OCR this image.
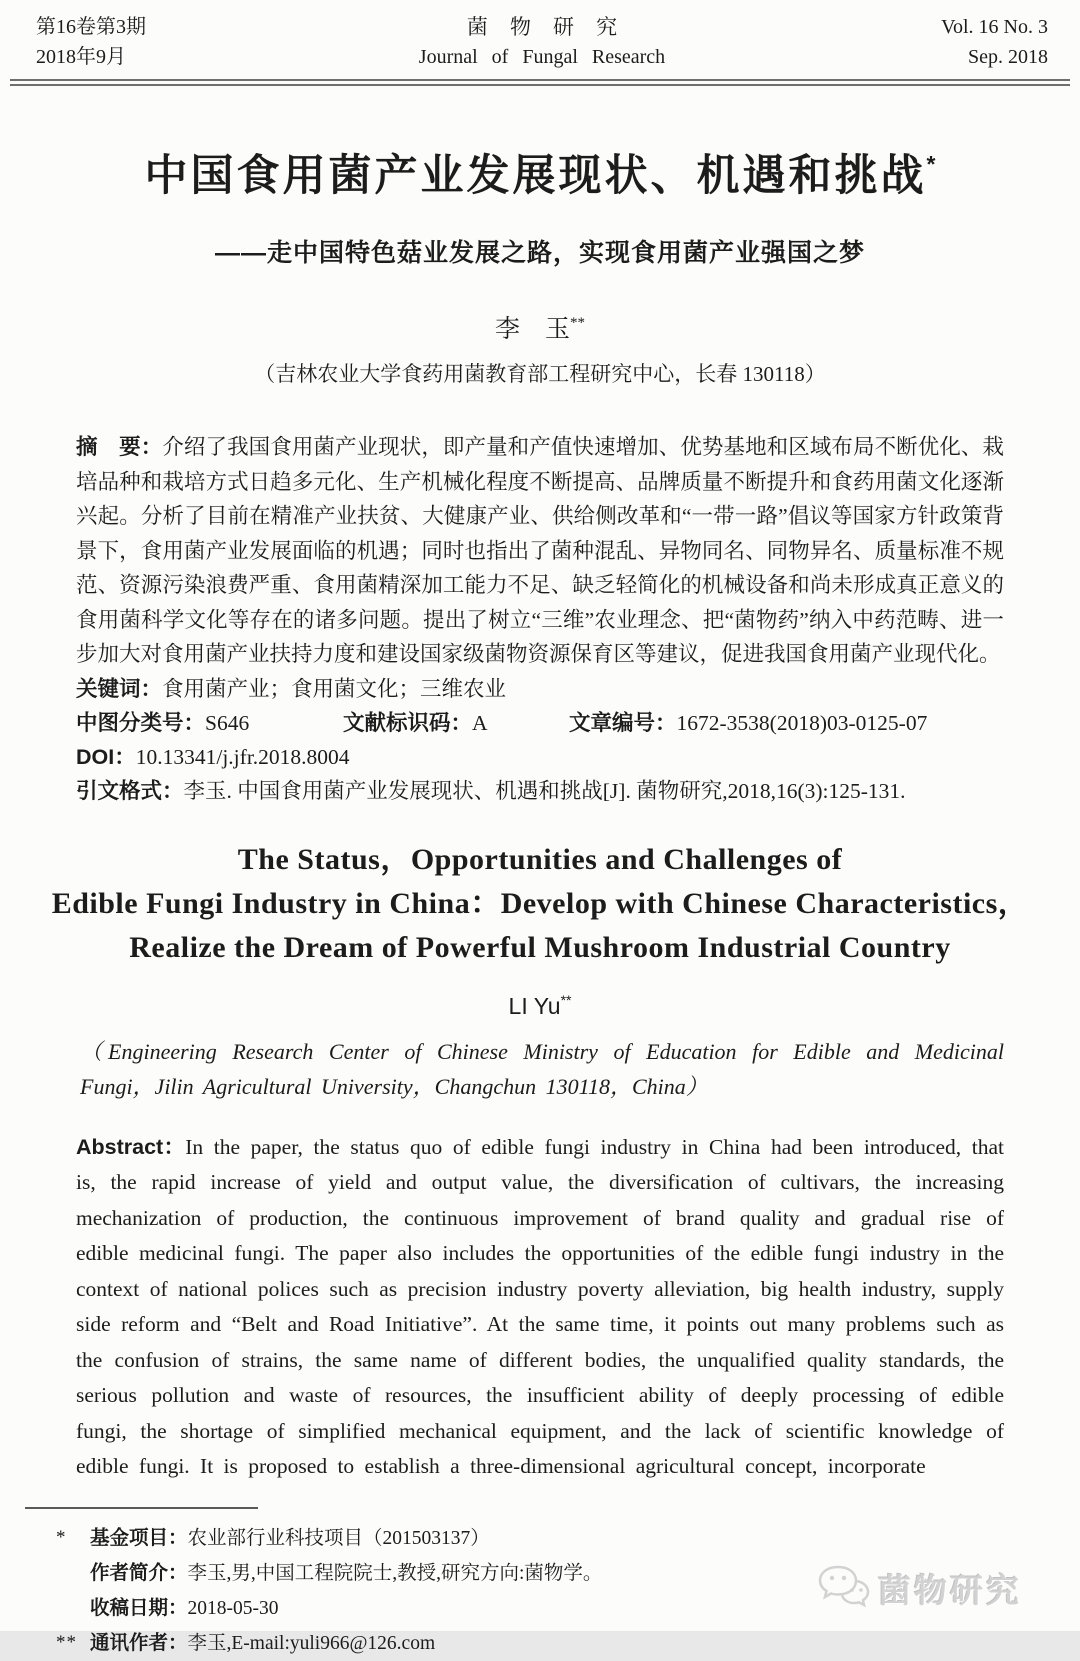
第16卷第3期
2018年9月
菌物研究
Journal of Fungal Research
Vol. 16 No. 3
Sep. 2018
中国食用菌产业发展现状、机遇和挑战*
——走中国特色菇业发展之路，实现食用菌产业强国之梦
李　玉**
（吉林农业大学食药用菌教育部工程研究中心，长春 130118）

摘　要：介绍了我国食用菌产业现状，即产量和产值快速增加、优势基地和区域布局不断优化、栽培品种和栽培方式日趋多元化、生产机械化程度不断提高、品牌质量不断提升和食药用菌文化逐渐兴起。分析了目前在精准产业扶贫、大健康产业、供给侧改革和“一带一路”倡议等国家方针政策背景下，食用菌产业发展面临的机遇；同时也指出了菌种混乱、异物同名、同物异名、质量标准不规范、资源污染浪费严重、食用菌精深加工能力不足、缺乏轻简化的机械设备和尚未形成真正意义的食用菌科学文化等存在的诸多问题。提出了树立“三维”农业理念、把“菌物药”纳入中药范畴、进一步加大对食用菌产业扶持力度和建设国家级菌物资源保育区等建议，促进我国食用菌产业现代化。

关键词：食用菌产业；食用菌文化；三维农业
中图分类号：S646	文献标识码：A	文章编号：1672-3538(2018)03-0125-07
DOI：10.13341/j.jfr.2018.8004
引文格式：李玉. 中国食用菌产业发展现状、机遇和挑战[J]. 菌物研究,2018,16(3):125-131.
The Status，Opportunities and Challenges of
Edible Fungi Industry in China：Develop with Chinese Characteristics，
Realize the Dream of Powerful Mushroom Industrial Country
LI Yu**
（Engineering Research Center of Chinese Ministry of Education for Edible and Medicinal Fungi，Jilin Agricultural University，Changchun 130118，China）

Abstract：In the paper, the status quo of edible fungi industry in China had been introduced, that is, the rapid increase of yield and output value, the diversification of cultivars, the increasing mechanization of production, the continuous improvement of brand quality and gradual rise of edible medicinal fungi. The paper also includes the opportunities of the edible fungi industry in the context of national polices such as precision industry poverty alleviation, big health industry, supply side reform and “Belt and Road Initiative”. At the same time, it points out many problems such as the confusion of strains, the same name of different bodies, the unqualified quality standards, the serious pollution and waste of resources, the insufficient ability of deeply processing of edible fungi, the shortage of simplified mechanical equipment, and the lack of scientific knowledge of edible fungi. It is proposed to establish a three-dimensional agricultural concept, incorporate

*	基金项目：农业部行业科技项目（201503137）
作者简介：李玉,男,中国工程院院士,教授,研究方向:菌物学。
收稿日期：2018-05-30
** 通讯作者：李玉,E-mail:yuli966@126.com
菌物研究
